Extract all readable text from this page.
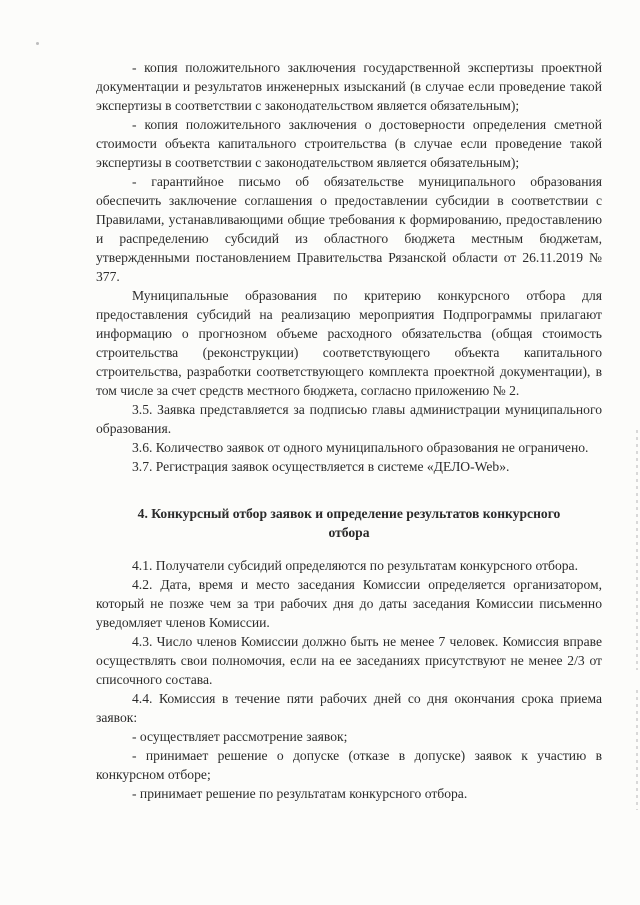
- копия положительного заключения государственной экспертизы проектной документации и результатов инженерных изысканий (в случае если проведение такой экспертизы в соответствии с законодательством является обязательным);

- копия положительного заключения о достоверности определения сметной стоимости объекта капитального строительства (в случае если проведение такой экспертизы в соответствии с законодательством является обязательным);

- гарантийное письмо об обязательстве муниципального образования обеспечить заключение соглашения о предоставлении субсидии в соответствии с Правилами, устанавливающими общие требования к формированию, предоставлению и распределению субсидий из областного бюджета местным бюджетам, утвержденными постановлением Правительства Рязанской области от 26.11.2019 № 377.

Муниципальные образования по критерию конкурсного отбора для предоставления субсидий на реализацию мероприятия Подпрограммы прилагают информацию о прогнозном объеме расходного обязательства (общая стоимость строительства (реконструкции) соответствующего объекта капитального строительства, разработки соответствующего комплекта проектной документации), в том числе за счет средств местного бюджета, согласно приложению № 2.

3.5. Заявка представляется за подписью главы администрации муниципального образования.

3.6. Количество заявок от одного муниципального образования не ограничено.

3.7. Регистрация заявок осуществляется в системе «ДЕЛО-Web».

4. Конкурсный отбор заявок и определение результатов конкурсного отбора

4.1. Получатели субсидий определяются по результатам конкурсного отбора.

4.2. Дата, время и место заседания Комиссии определяется организатором, который не позже чем за три рабочих дня до даты заседания Комиссии письменно уведомляет членов Комиссии.

4.3. Число членов Комиссии должно быть не менее 7 человек. Комиссия вправе осуществлять свои полномочия, если на ее заседаниях присутствуют не менее 2/3 от списочного состава.

4.4. Комиссия в течение пяти рабочих дней со дня окончания срока приема заявок:

- осуществляет рассмотрение заявок;

- принимает решение о допуске (отказе в допуске) заявок к участию в конкурсном отборе;

- принимает решение по результатам конкурсного отбора.
